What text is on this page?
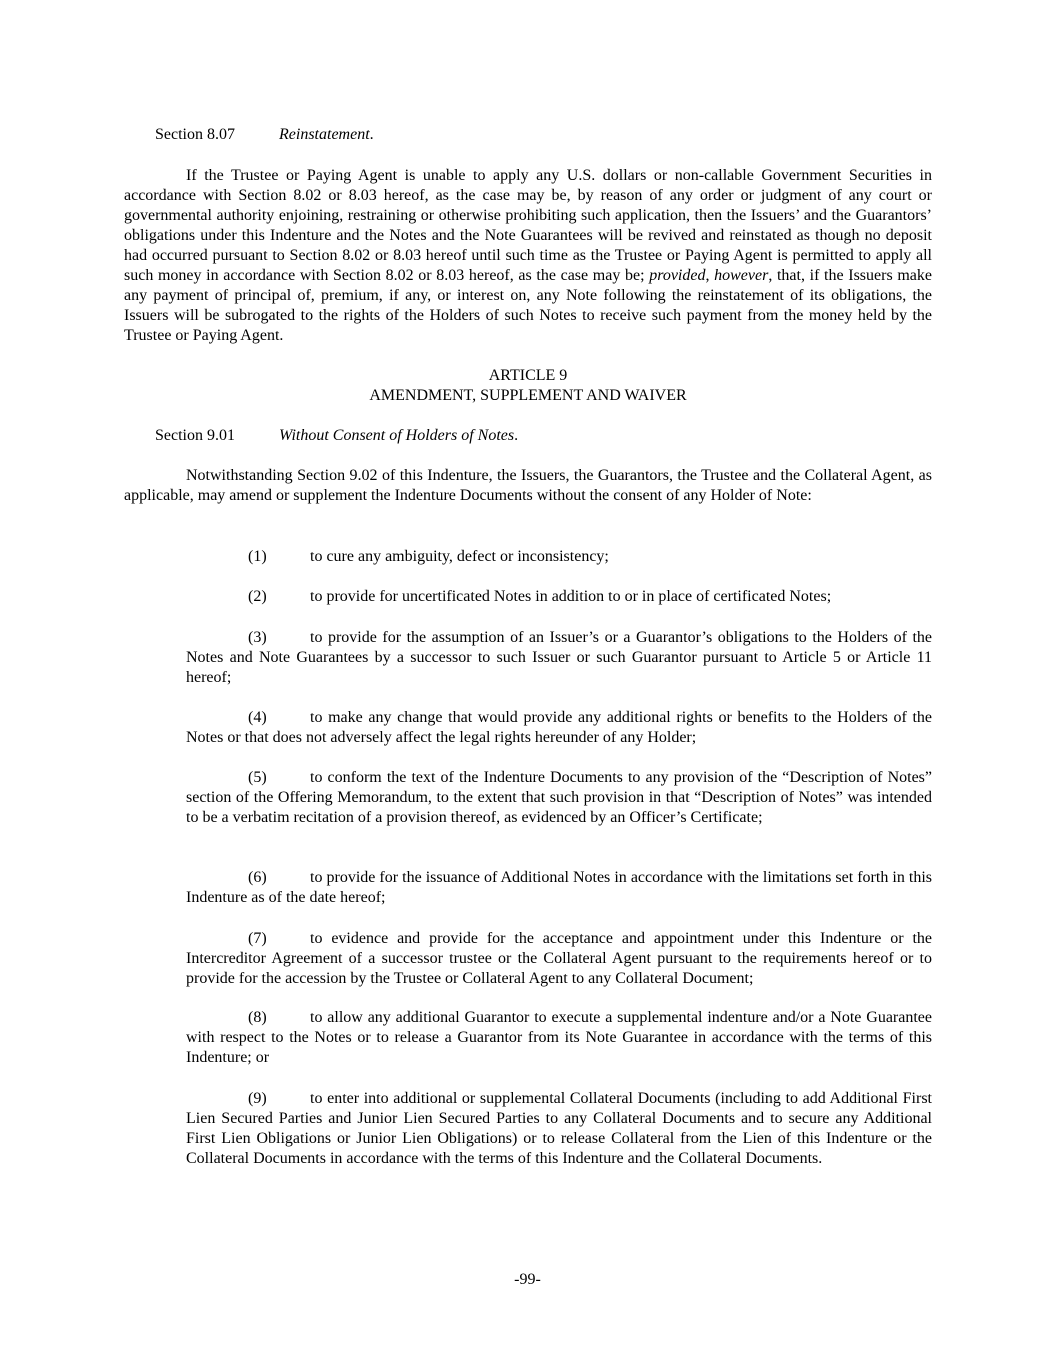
Section 8.07	Reinstatement.

If the Trustee or Paying Agent is unable to apply any U.S. dollars or non-callable Government Securities in accordance with Section 8.02 or 8.03 hereof, as the case may be, by reason of any order or judgment of any court or governmental authority enjoining, restraining or otherwise prohibiting such application, then the Issuers’ and the Guarantors’ obligations under this Indenture and the Notes and the Note Guarantees will be revived and reinstated as though no deposit had occurred pursuant to Section 8.02 or 8.03 hereof until such time as the Trustee or Paying Agent is permitted to apply all such money in accordance with Section 8.02 or 8.03 hereof, as the case may be; provided, however, that, if the Issuers make any payment of principal of, premium, if any, or interest on, any Note following the reinstatement of its obligations, the Issuers will be subrogated to the rights of the Holders of such Notes to receive such payment from the money held by the Trustee or Paying Agent.

ARTICLE 9

AMENDMENT, SUPPLEMENT AND WAIVER

Section 9.01	Without Consent of Holders of Notes.

Notwithstanding Section 9.02 of this Indenture, the Issuers, the Guarantors, the Trustee and the Collateral Agent, as applicable, may amend or supplement the Indenture Documents without the consent of any Holder of Note:

(1)	to cure any ambiguity, defect or inconsistency;

(2)	to provide for uncertificated Notes in addition to or in place of certificated Notes;

(3)	to provide for the assumption of an Issuer’s or a Guarantor’s obligations to the Holders of the Notes and Note Guarantees by a successor to such Issuer or such Guarantor pursuant to Article 5 or Article 11 hereof;

(4)	to make any change that would provide any additional rights or benefits to the Holders of the Notes or that does not adversely affect the legal rights hereunder of any Holder;

(5)	to conform the text of the Indenture Documents to any provision of the “Description of Notes” section of the Offering Memorandum, to the extent that such provision in that “Description of Notes” was intended to be a verbatim recitation of a provision thereof, as evidenced by an Officer’s Certificate;

(6)	to provide for the issuance of Additional Notes in accordance with the limitations set forth in this Indenture as of the date hereof;

(7)	to evidence and provide for the acceptance and appointment under this Indenture or the Intercreditor Agreement of a successor trustee or the Collateral Agent pursuant to the requirements hereof or to provide for the accession by the Trustee or Collateral Agent to any Collateral Document;

(8)	to allow any additional Guarantor to execute a supplemental indenture and/or a Note Guarantee with respect to the Notes or to release a Guarantor from its Note Guarantee in accordance with the terms of this Indenture; or

(9)	to enter into additional or supplemental Collateral Documents (including to add Additional First Lien Secured Parties and Junior Lien Secured Parties to any Collateral Documents and to secure any Additional First Lien Obligations or Junior Lien Obligations) or to release Collateral from the Lien of this Indenture or the Collateral Documents in accordance with the terms of this Indenture and the Collateral Documents.

-99-
